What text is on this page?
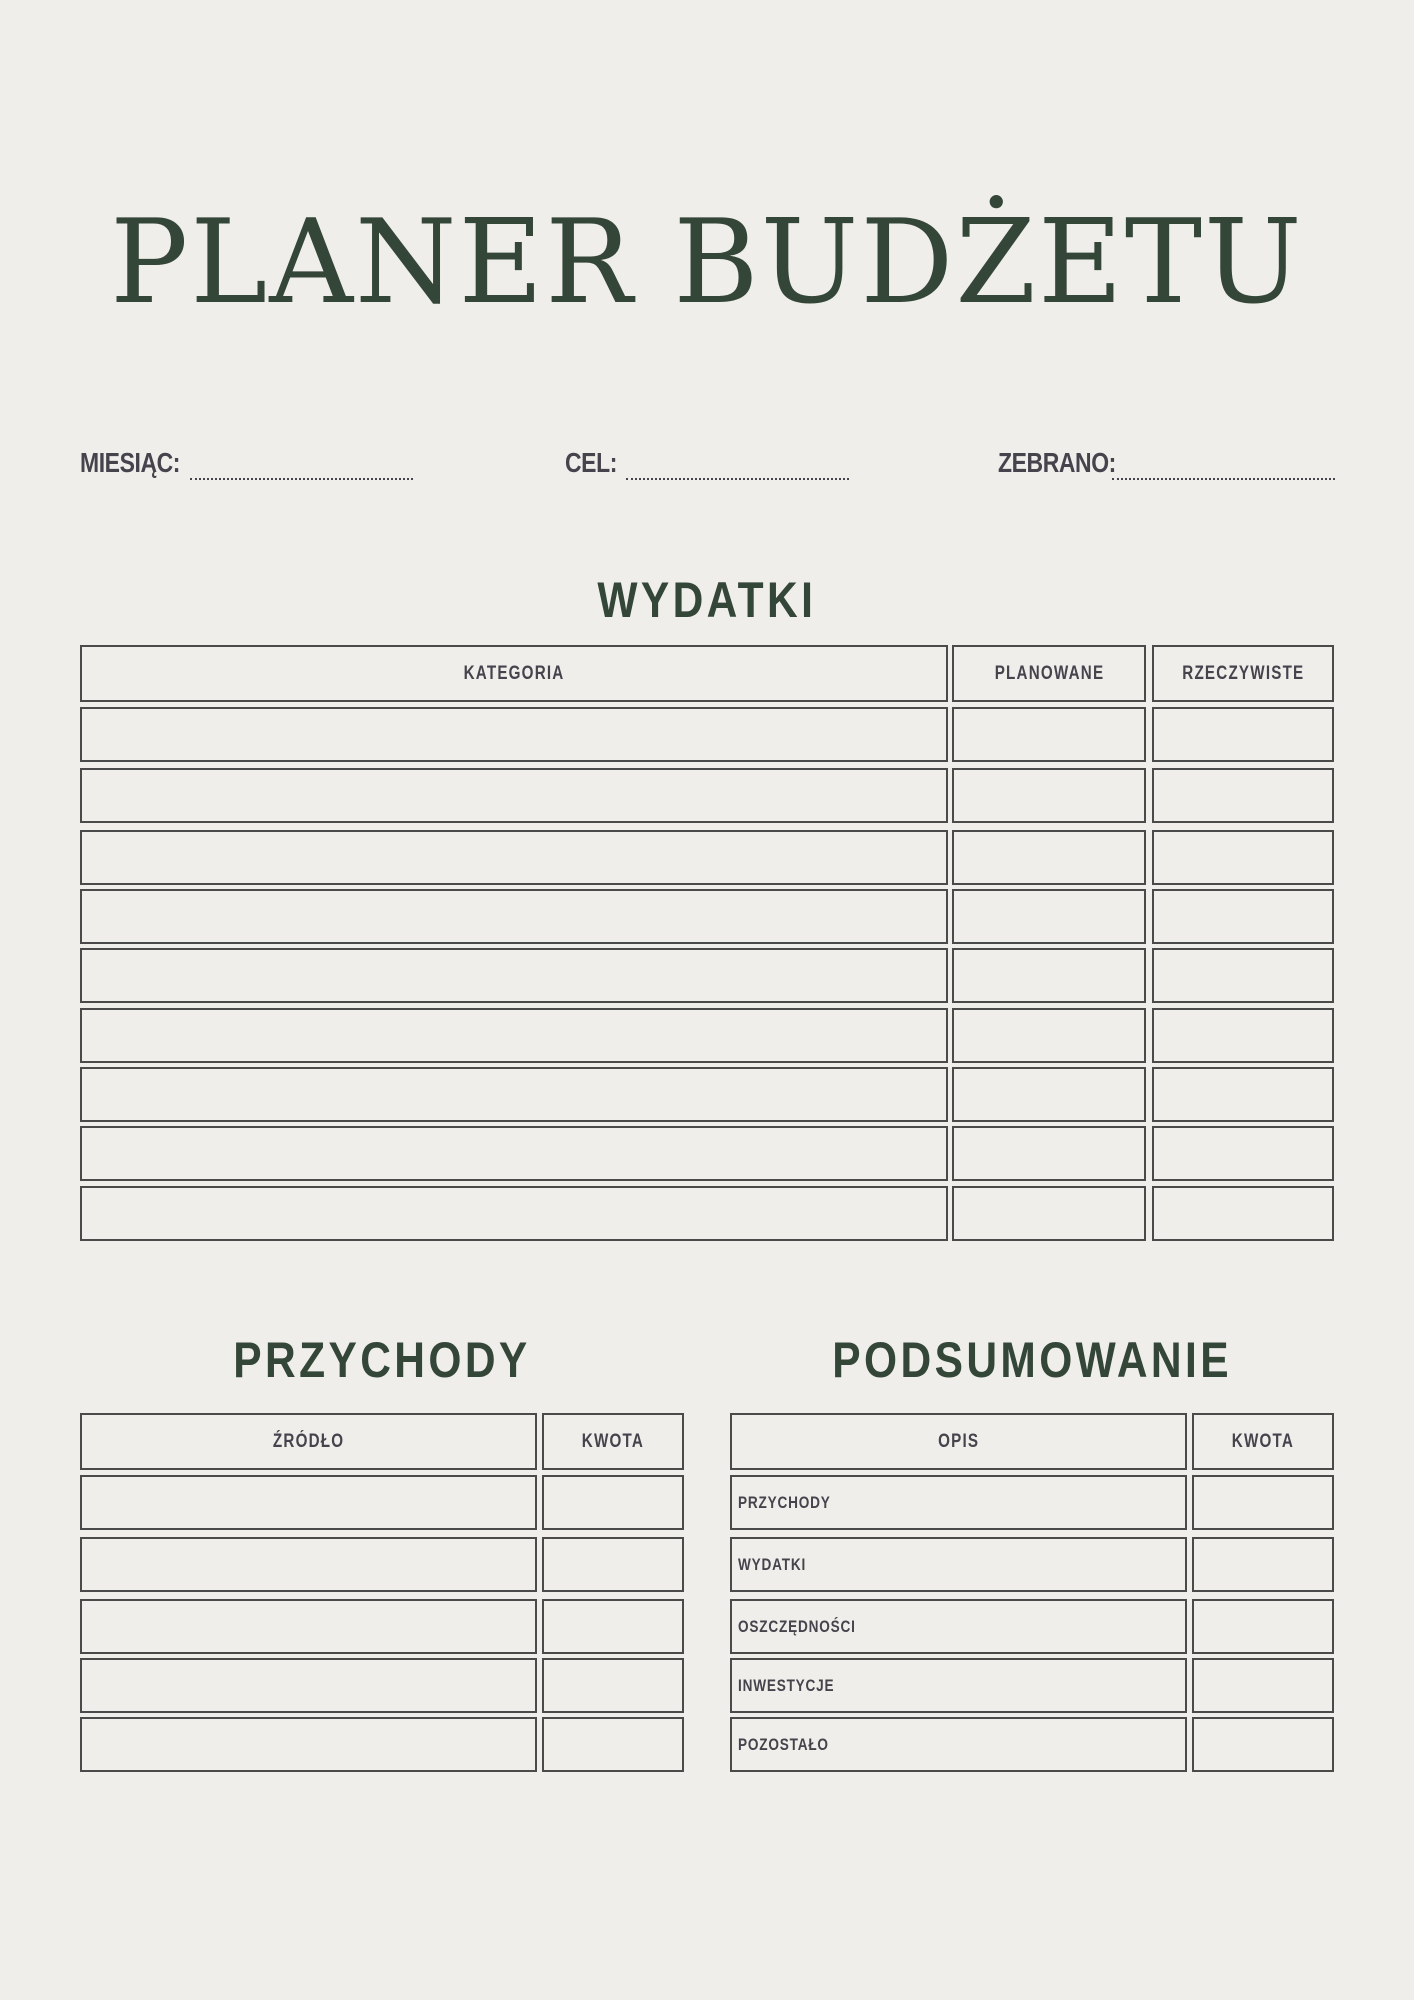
PLANER BUDŻETU
MIESIĄC:	CEL:	ZEBRANO:
WYDATKI
KATEGORIA	PLANOWANE	RZECZYWISTE
PRZYCHODY
ŹRÓDŁO	KWOTA
PODSUMOWANIE
OPIS	KWOTA
PRZYCHODY
WYDATKI
OSZCZĘDNOŚCI
INWESTYCJE
POZOSTAŁO
